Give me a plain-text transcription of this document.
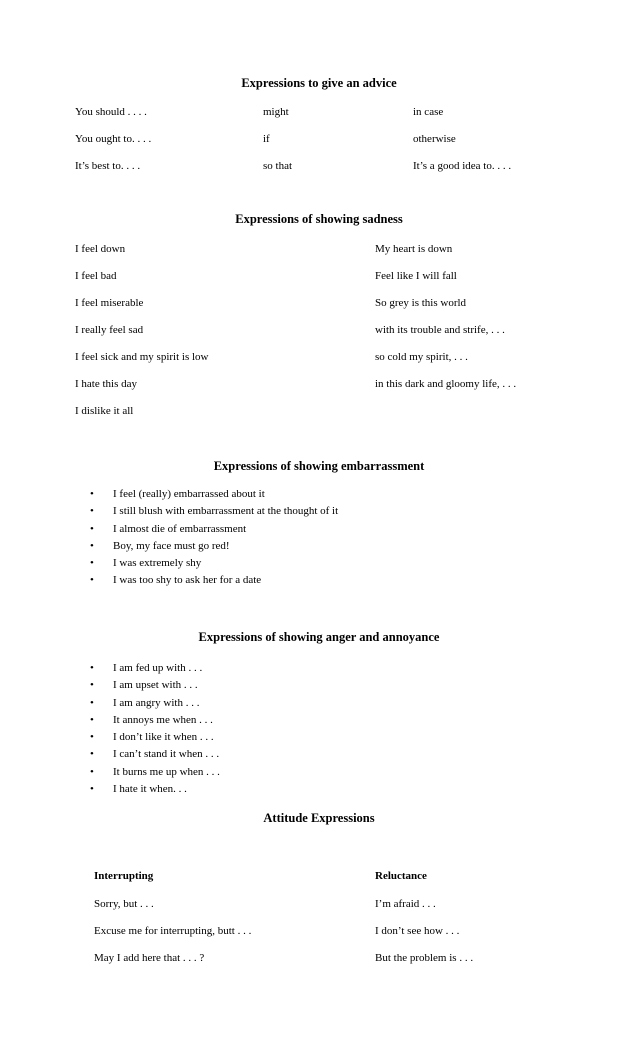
Expressions to give an advice
You should . . . .
You ought to. . . .
It’s best to. . . .
might
if
so that
in case
otherwise
It’s a good idea to. . . .
Expressions of showing sadness
I feel down
I feel bad
I feel miserable
I really feel sad
I feel sick and my spirit is low
I hate this day
I dislike it all
My heart is down
Feel like I will fall
So grey is this world
with its trouble and strife, . . .
so cold my spirit, . . .
in this dark and gloomy life, . . .
Expressions of showing embarrassment
• I feel (really) embarrassed about it
• I still blush with embarrassment at the thought of it
• I almost die of embarrassment
• Boy, my face must go red!
• I was extremely shy
• I was too shy to ask her for a date
Expressions of showing anger and annoyance
• I am fed up with . . .
• I am upset with . . .
• I am angry with . . .
• It annoys me when . . .
• I don’t like it when . . .
• I can’t stand it when . . .
• It burns me up when . . .
• I hate it when. . .
Attitude Expressions
Interrupting
Sorry, but . . .
Excuse me for interrupting, butt . . .
May I add here that . . . ?
Reluctance
I’m afraid . . .
I don’t see how . . .
But the problem is . . .
